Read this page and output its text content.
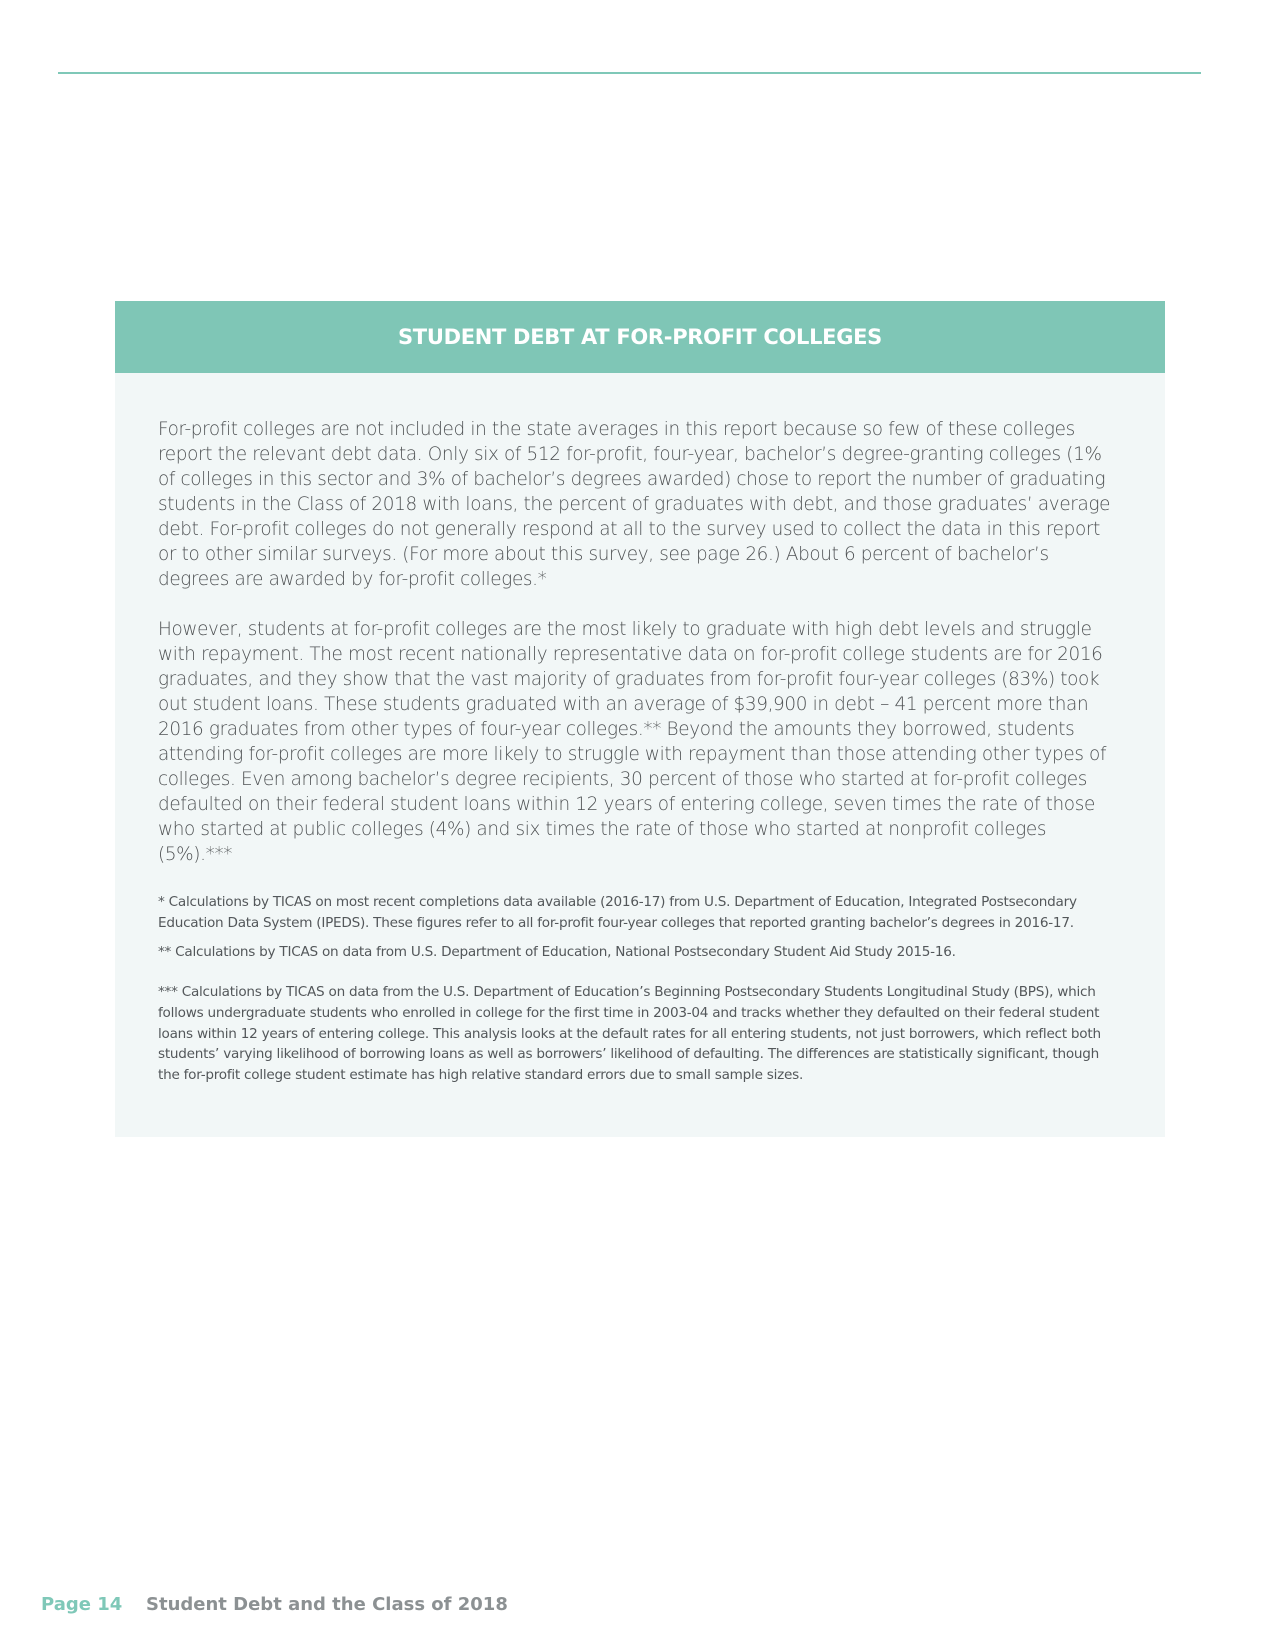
STUDENT DEBT AT FOR-PROFIT COLLEGES

For-profit colleges are not included in the state averages in this report because so few of these colleges report the relevant debt data. Only six of 512 for-profit, four-year, bachelor’s degree-granting colleges (1% of colleges in this sector and 3% of bachelor’s degrees awarded) chose to report the number of graduating students in the Class of 2018 with loans, the percent of graduates with debt, and those graduates’ average debt. For-profit colleges do not generally respond at all to the survey used to collect the data in this report or to other similar surveys. (For more about this survey, see page 26.) About 6 percent of bachelor’s degrees are awarded by for-profit colleges.*

However, students at for-profit colleges are the most likely to graduate with high debt levels and struggle with repayment. The most recent nationally representative data on for-profit college students are for 2016 graduates, and they show that the vast majority of graduates from for-profit four-year colleges (83%) took out student loans. These students graduated with an average of $39,900 in debt – 41 percent more than 2016 graduates from other types of four-year colleges.** Beyond the amounts they borrowed, students attending for-profit colleges are more likely to struggle with repayment than those attending other types of colleges. Even among bachelor’s degree recipients, 30 percent of those who started at for-profit colleges defaulted on their federal student loans within 12 years of entering college, seven times the rate of those who started at public colleges (4%) and six times the rate of those who started at nonprofit colleges (5%).***

* Calculations by TICAS on most recent completions data available (2016-17) from U.S. Department of Education, Integrated Postsecondary Education Data System (IPEDS). These figures refer to all for-profit four-year colleges that reported granting bachelor’s degrees in 2016-17.

** Calculations by TICAS on data from U.S. Department of Education, National Postsecondary Student Aid Study 2015-16.

*** Calculations by TICAS on data from the U.S. Department of Education’s Beginning Postsecondary Students Longitudinal Study (BPS), which follows undergraduate students who enrolled in college for the first time in 2003-04 and tracks whether they defaulted on their federal student loans within 12 years of entering college. This analysis looks at the default rates for all entering students, not just borrowers, which reflect both students’ varying likelihood of borrowing loans as well as borrowers’ likelihood of defaulting. The differences are statistically significant, though the for-profit college student estimate has high relative standard errors due to small sample sizes.

Page 14	Student Debt and the Class of 2018
